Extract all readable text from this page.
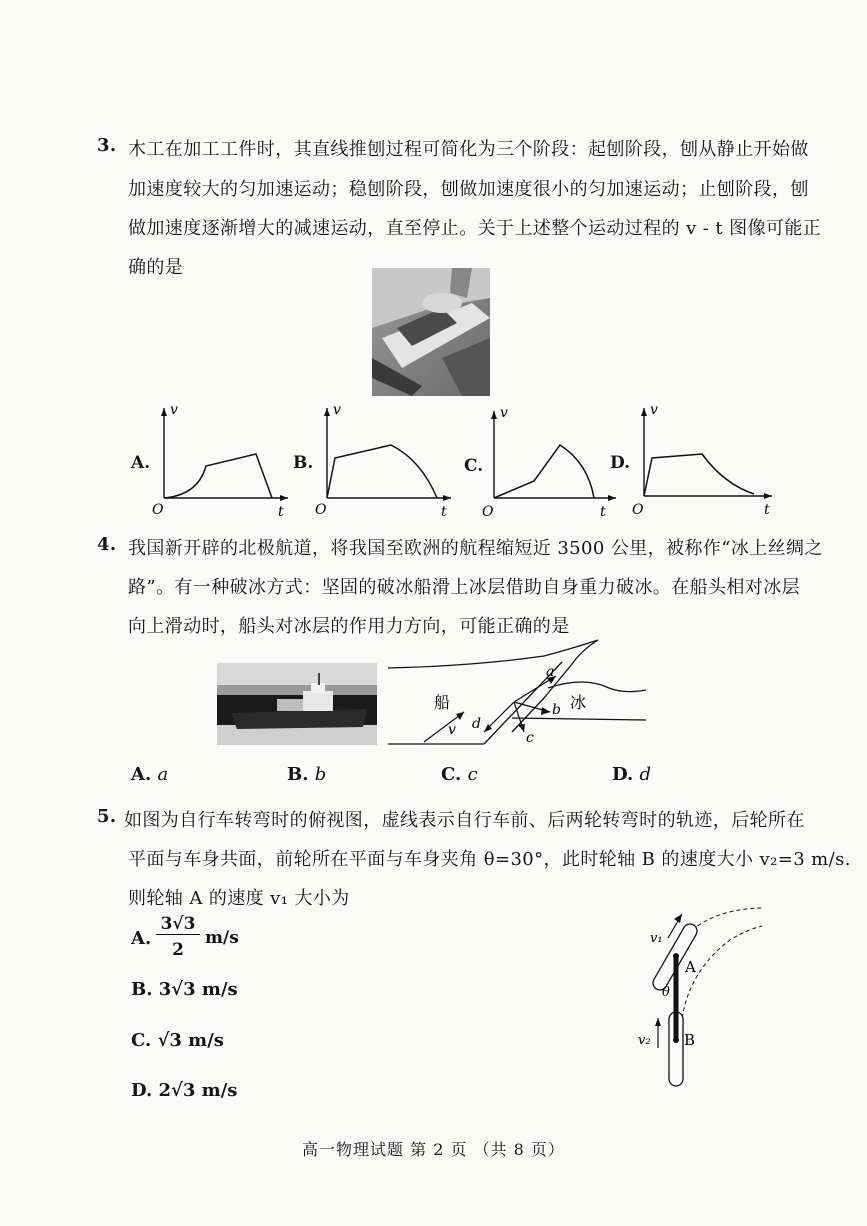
3. 木工在加工工件时，其直线推刨过程可简化为三个阶段：起刨阶段，刨从静止开始做
加速度较大的匀加速运动；稳刨阶段，刨做加速度很小的匀加速运动；止刨阶段，刨
做加速度逐渐增大的减速运动，直至停止。关于上述整个运动过程的 v - t 图像可能正
确的是
A.
v
t
O
B.
v
t
O
C.
v
t
O
D.
v
t
O
4. 我国新开辟的北极航道，将我国至欧洲的航程缩短近 3500 公里，被称作“冰上丝绸之
路”。有一种破冰方式：坚固的破冰船滑上冰层借助自身重力破冰。在船头相对冰层
向上滑动时，船头对冰层的作用力方向，可能正确的是
船	冰
v
a
b
c
d
A. a	B. b	C. c	D. d
5. 如图为自行车转弯时的俯视图，虚线表示自行车前、后两轮转弯时的轨迹，后轮所在
平面与车身共面，前轮所在平面与车身夹角 θ=30°，此时轮轴 B 的速度大小 v₂=3 m/s.
则轮轴 A 的速度 v₁ 大小为
A.
3√3
2
m/s
B. 3√3 m/s
C. √3 m/s
D. 2√3 m/s
v₁
v₂
A
B
θ
高一物理试题 第 2 页 （共 8 页）
